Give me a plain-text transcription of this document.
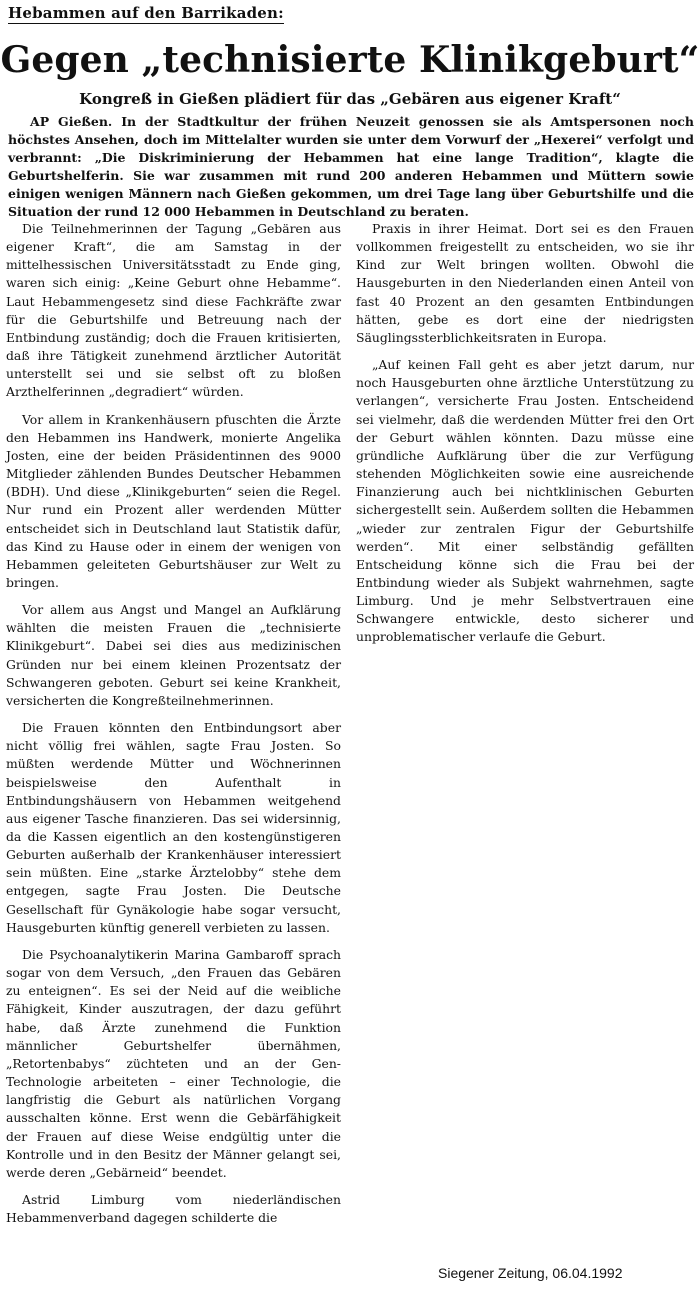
Hebammen auf den Barrikaden:
Gegen „technisierte Klinikgeburt“
Kongreß in Gießen plädiert für das „Gebären aus eigener Kraft“
AP Gießen. In der Stadtkultur der frühen Neuzeit genossen sie als Amtspersonen noch höchstes Ansehen, doch im Mittelalter wurden sie unter dem Vorwurf der „Hexerei“ verfolgt und verbrannt: „Die Diskriminierung der Hebammen hat eine lange Tradition“, klagte die Geburtshelferin. Sie war zusammen mit rund 200 anderen Hebammen und Müttern sowie einigen wenigen Männern nach Gießen gekommen, um drei Tage lang über Geburtshilfe und die Situation der rund 12 000 Hebammen in Deutschland zu beraten.

Die Teilnehmerinnen der Tagung „Gebären aus eigener Kraft“, die am Samstag in der mittelhessischen Universitätsstadt zu Ende ging, waren sich einig: „Keine Geburt ohne Hebamme“. Laut Hebammengesetz sind diese Fachkräfte zwar für die Geburtshilfe und Betreuung nach der Entbindung zuständig; doch die Frauen kritisierten, daß ihre Tätigkeit zunehmend ärztlicher Autorität unterstellt sei und sie selbst oft zu bloßen Arzthelferinnen „degradiert“ würden.

Vor allem in Krankenhäusern pfuschten die Ärzte den Hebammen ins Handwerk, monierte Angelika Josten, eine der beiden Präsidentinnen des 9000 Mitglieder zählenden Bundes Deutscher Hebammen (BDH). Und diese „Klinikgeburten“ seien die Regel. Nur rund ein Prozent aller werdenden Mütter entscheidet sich in Deutschland laut Statistik dafür, das Kind zu Hause oder in einem der wenigen von Hebammen geleiteten Geburtshäuser zur Welt zu bringen.

Vor allem aus Angst und Mangel an Aufklärung wählten die meisten Frauen die „technisierte Klinikgeburt“. Dabei sei dies aus medizinischen Gründen nur bei einem kleinen Prozentsatz der Schwangeren geboten. Geburt sei keine Krankheit, versicherten die Kongreßteilnehmerinnen.

Die Frauen könnten den Entbindungsort aber nicht völlig frei wählen, sagte Frau Josten. So müßten werdende Mütter und Wöchnerinnen beispielsweise den Aufenthalt in Entbindungshäusern von Hebammen weitgehend aus eigener Tasche finanzieren. Das sei widersinnig, da die Kassen eigentlich an den kostengünstigeren Geburten außerhalb der Krankenhäuser interessiert sein müßten. Eine „starke Ärztelobby“ stehe dem entgegen, sagte Frau Josten. Die Deutsche Gesellschaft für Gynäkologie habe sogar versucht, Hausgeburten künftig generell verbieten zu lassen.

Die Psychoanalytikerin Marina Gambaroff sprach sogar von dem Versuch, „den Frauen das Gebären zu enteignen“. Es sei der Neid auf die weibliche Fähigkeit, Kinder auszutragen, der dazu geführt habe, daß Ärzte zunehmend die Funktion männlicher Geburtshelfer übernähmen, „Retortenbabys“ züchteten und an der Gen-Technologie arbeiteten – einer Technologie, die langfristig die Geburt als natürlichen Vorgang ausschalten könne. Erst wenn die Gebärfähigkeit der Frauen auf diese Weise endgültig unter die Kontrolle und in den Besitz der Männer gelangt sei, werde deren „Gebärneid“ beendet.

Astrid Limburg vom niederländischen Hebammenverband dagegen schilderte die

Praxis in ihrer Heimat. Dort sei es den Frauen vollkommen freigestellt zu entscheiden, wo sie ihr Kind zur Welt bringen wollten. Obwohl die Hausgeburten in den Niederlanden einen Anteil von fast 40 Prozent an den gesamten Entbindungen hätten, gebe es dort eine der niedrigsten Säuglingssterblichkeitsraten in Europa.

„Auf keinen Fall geht es aber jetzt darum, nur noch Hausgeburten ohne ärztliche Unterstützung zu verlangen“, versicherte Frau Josten. Entscheidend sei vielmehr, daß die werdenden Mütter frei den Ort der Geburt wählen könnten. Dazu müsse eine gründliche Aufklärung über die zur Verfügung stehenden Möglichkeiten sowie eine ausreichende Finanzierung auch bei nichtklinischen Geburten sichergestellt sein. Außerdem sollten die Hebammen „wieder zur zentralen Figur der Geburtshilfe werden“. Mit einer selbständig gefällten Entscheidung könne sich die Frau bei der Entbindung wieder als Subjekt wahrnehmen, sagte Limburg. Und je mehr Selbstvertrauen eine Schwangere entwickle, desto sicherer und unproblematischer verlaufe die Geburt.

Siegener Zeitung, 06.04.1992
